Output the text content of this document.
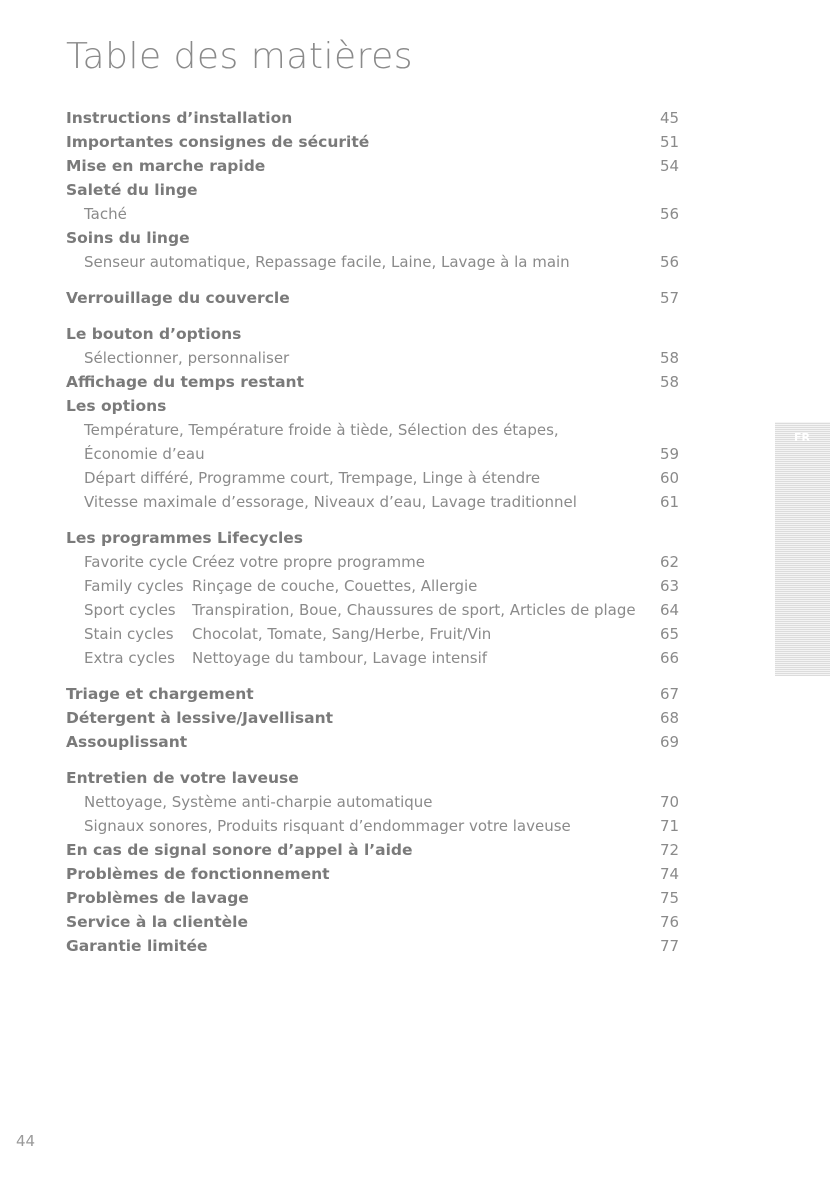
Table des matières
Instructions d’installation	45
Importantes consignes de sécurité	51
Mise en marche rapide	54
Saleté du linge
Taché	56
Soins du linge
Senseur automatique, Repassage facile, Laine, Lavage à la main	56
Verrouillage du couvercle	57
Le bouton d’options
Sélectionner, personnaliser	58
Affichage du temps restant	58
Les options
Température, Température froide à tiède, Sélection des étapes,
Économie d’eau	59
Départ différé, Programme court, Trempage, Linge à étendre	60
Vitesse maximale d’essorage, Niveaux d’eau, Lavage traditionnel	61
Les programmes Lifecycles
Favorite cycle Créez votre propre programme	62
Family cycles Rinçage de couche, Couettes, Allergie	63
Sport cycles Transpiration, Boue, Chaussures de sport, Articles de plage 64
Stain cycles Chocolat, Tomate, Sang/Herbe, Fruit/Vin	65
Extra cycles Nettoyage du tambour, Lavage intensif	66
Triage et chargement	67
Détergent à lessive/Javellisant	68
Assouplissant	69
Entretien de votre laveuse
Nettoyage, Système anti-charpie automatique	70
Signaux sonores, Produits risquant d’endommager votre laveuse	71
En cas de signal sonore d’appel à l’aide	72
Problèmes de fonctionnement	74
Problèmes de lavage	75
Service à la clientèle	76
Garantie limitée	77
FR
44
